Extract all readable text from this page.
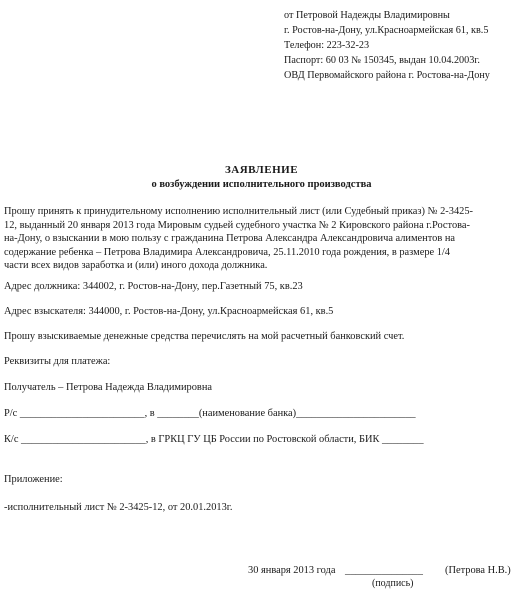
от Петровой Надежды Владимировны
г. Ростов-на-Дону, ул.Красноармейская 61, кв.5
Телефон: 223-32-23
Паспорт: 60 03 № 150345, выдан 10.04.2003г.
ОВД Первомайского района г. Ростова-на-Дону
ЗАЯВЛЕНИЕ
о возбуждении исполнительного производства
Прошу принять к принудительному исполнению исполнительный лист (или Судебный приказ) № 2-3425-
12, выданный 20 января 2013 года Мировым судьей судебного участка № 2 Кировского района г.Ростова-
на-Дону, о взыскании в мою пользу с гражданина Петрова Александра Александровича алиментов на
содержание ребенка – Петрова Владимира Александровича, 25.11.2010 года рождения, в размере 1/4
части всех видов заработка и (или) иного дохода должника.
Адрес должника: 344002, г. Ростов-на-Дону, пер.Газетный 75, кв.23
Адрес взыскателя: 344000, г. Ростов-на-Дону, ул.Красноармейская 61, кв.5
Прошу взыскиваемые денежные средства перечислять на мой расчетный банковский счет.
Реквизиты для платежа:
Получатель – Петрова Надежда Владимировна
Р/с ________________________, в ________(наименование банка)_______________________
К/с ________________________, в ГРКЦ ГУ ЦБ России по Ростовской области, БИК ________
Приложение:
-исполнительный лист № 2-3425-12, от 20.01.2013г.
30 января 2013 года _______________ (Петрова Н.В.)
(подпись)
